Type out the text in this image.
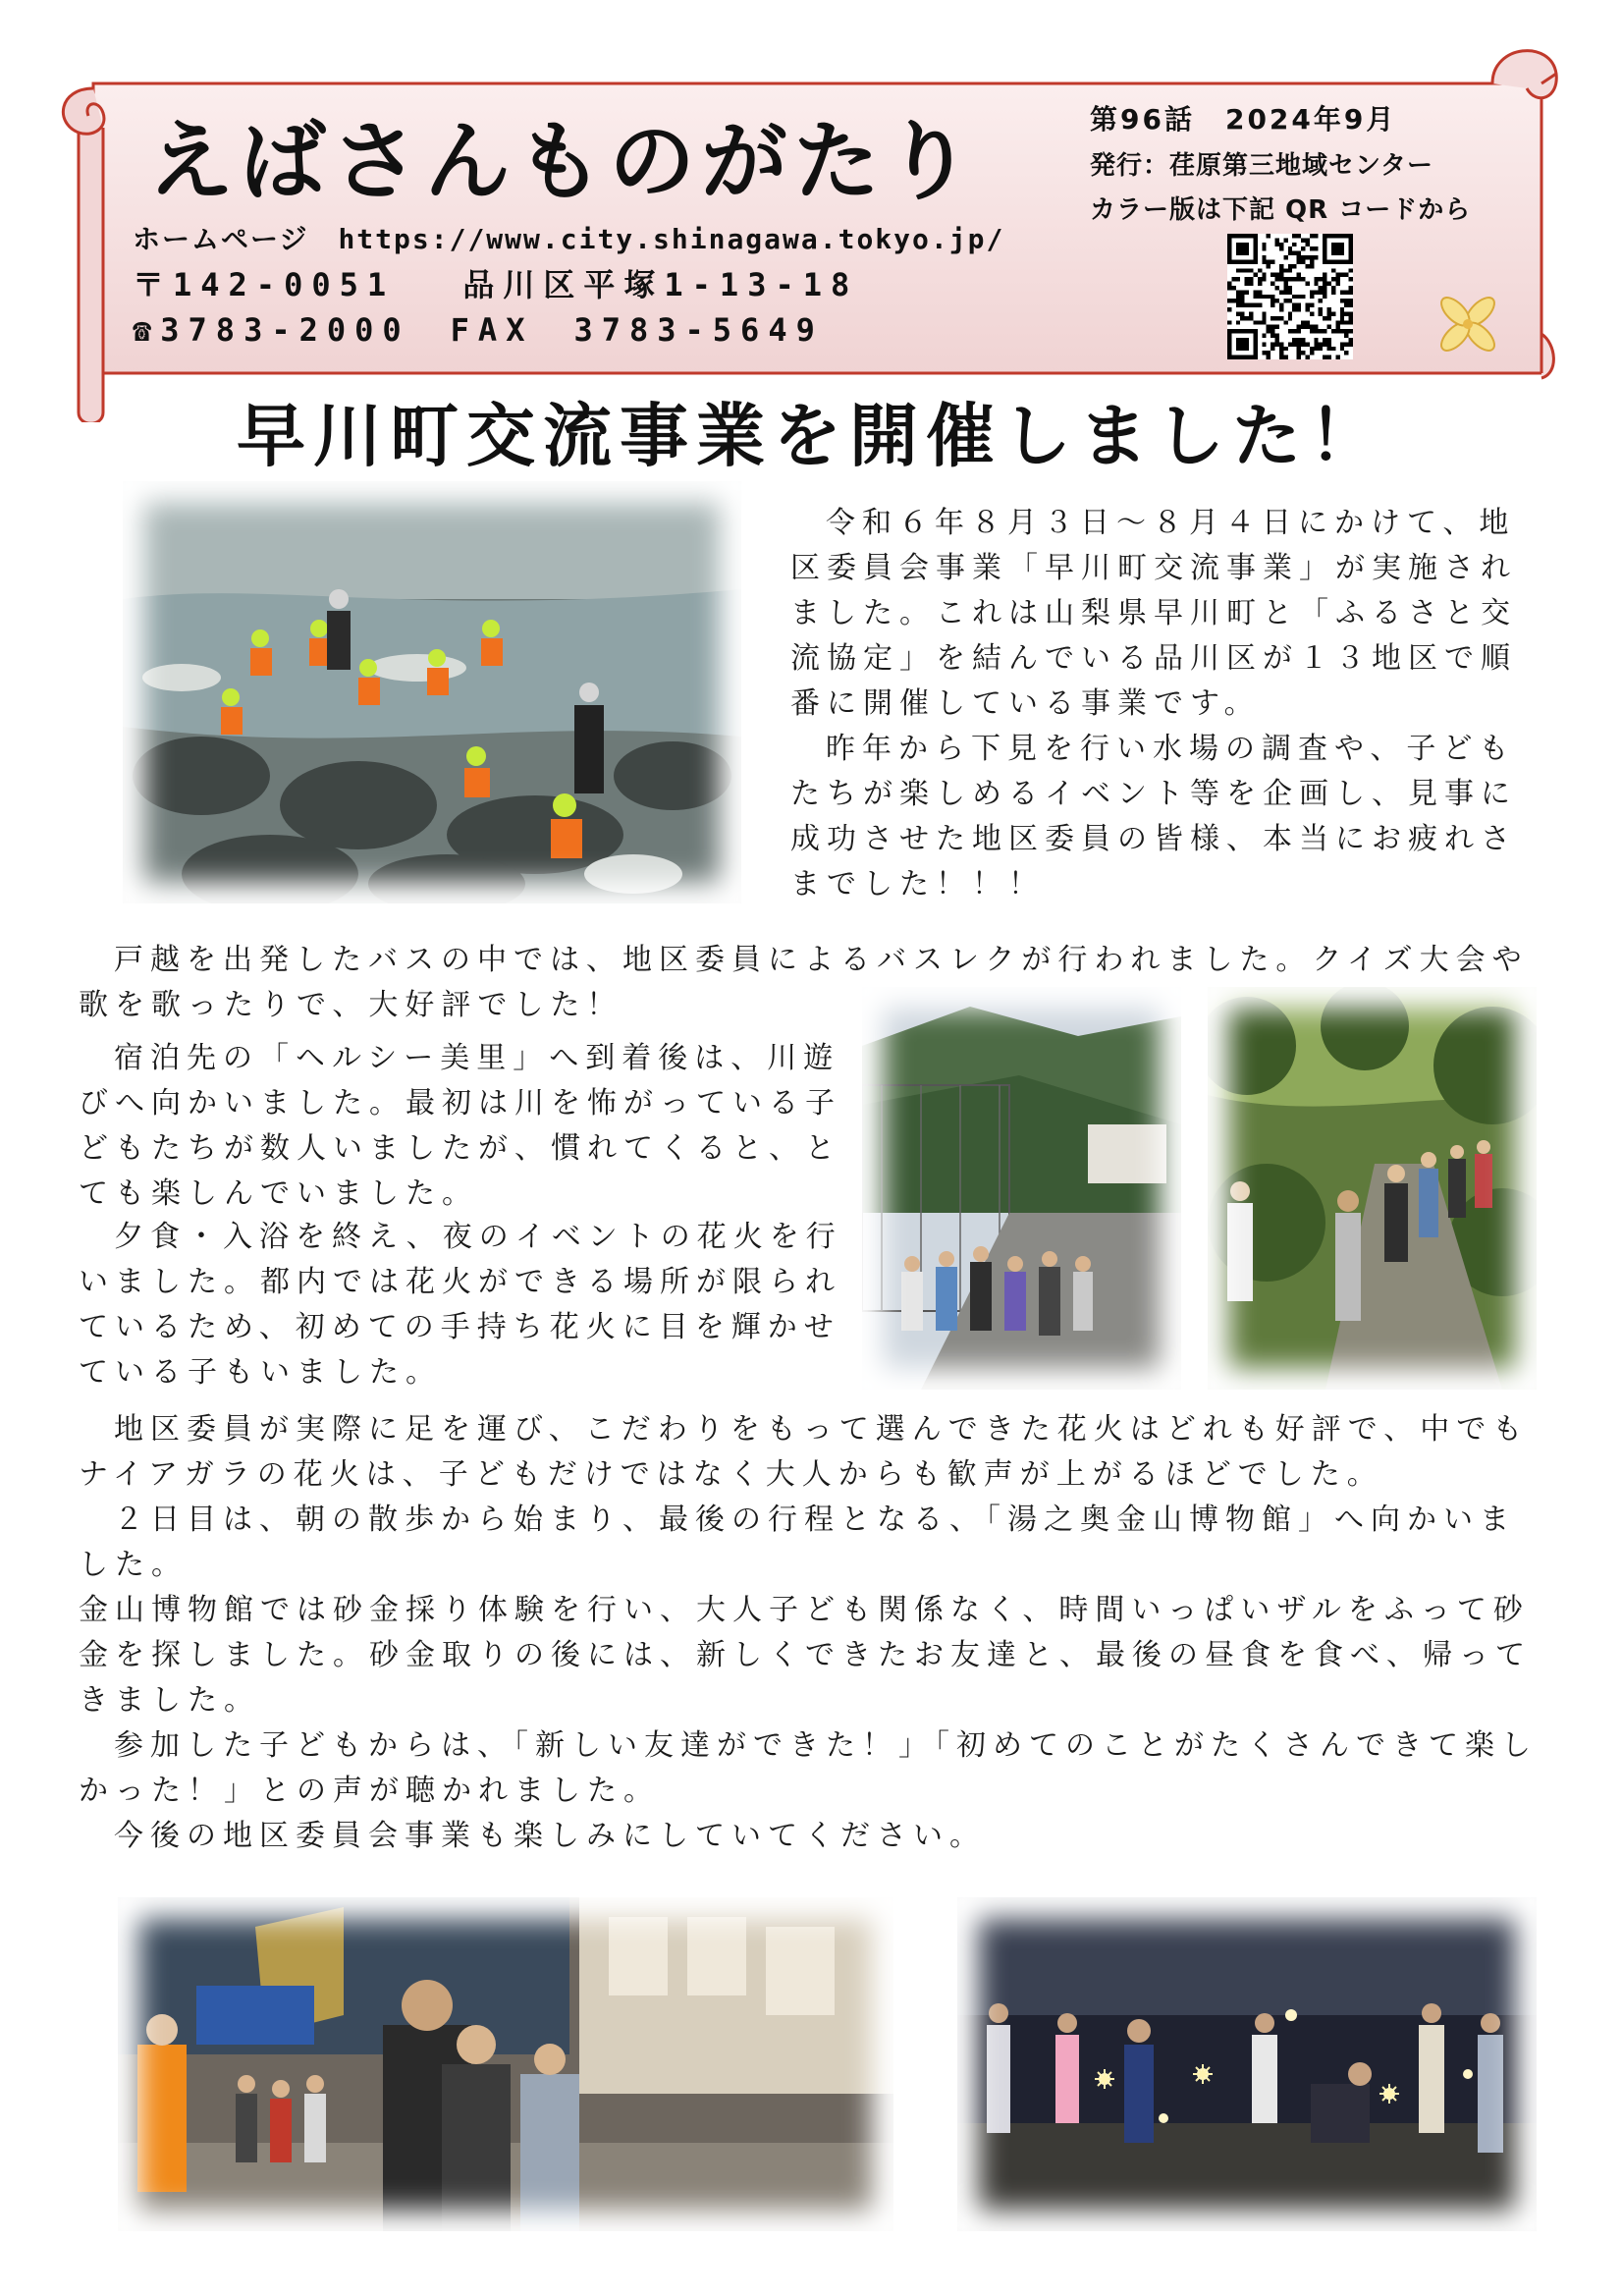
えばさんものがたり	第96話　2024年9月
発行：荏原第三地域センター
カラー版は下記 QR コードから
ホームページ　https://www.city.shinagawa.tokyo.jp/
〒142-0051　 品川区平塚1-13-18
☎3783-2000　FAX　3783-5649
早川町交流事業を開催しました！
令和６年８月３日～８月４日にかけて、地区委員会事業「早川町交流事業」が実施されました。これは山梨県早川町と「ふるさと交流協定」を結んでいる品川区が１３地区で順番に開催している事業です。
昨年から下見を行い水場の調査や、子どもたちが楽しめるイベント等を企画し、見事に成功させた地区委員の皆様、本当にお疲れさまでした！！！
戸越を出発したバスの中では、地区委員によるバスレクが行われました。クイズ大会や歌を歌ったりで、大好評でした！
宿泊先の「ヘルシー美里」へ到着後は、川遊びへ向かいました。最初は川を怖がっている子どもたちが数人いましたが、慣れてくると、とても楽しんでいました。
夕食・入浴を終え、夜のイベントの花火を行いました。都内では花火ができる場所が限られているため、初めての手持ち花火に目を輝かせている子もいました。
地区委員が実際に足を運び、こだわりをもって選んできた花火はどれも好評で、中でもナイアガラの花火は、子どもだけではなく大人からも歓声が上がるほどでした。
２日目は、朝の散歩から始まり、最後の行程となる、「湯之奥金山博物館」へ向かいました。
金山博物館では砂金採り体験を行い、大人子ども関係なく、時間いっぱいザルをふって砂金を探しました。砂金取りの後には、新しくできたお友達と、最後の昼食を食べ、帰ってきました。
参加した子どもからは、「新しい友達ができた！」「初めてのことがたくさんできて楽しかった！」との声が聴かれました。
今後の地区委員会事業も楽しみにしていてください。
